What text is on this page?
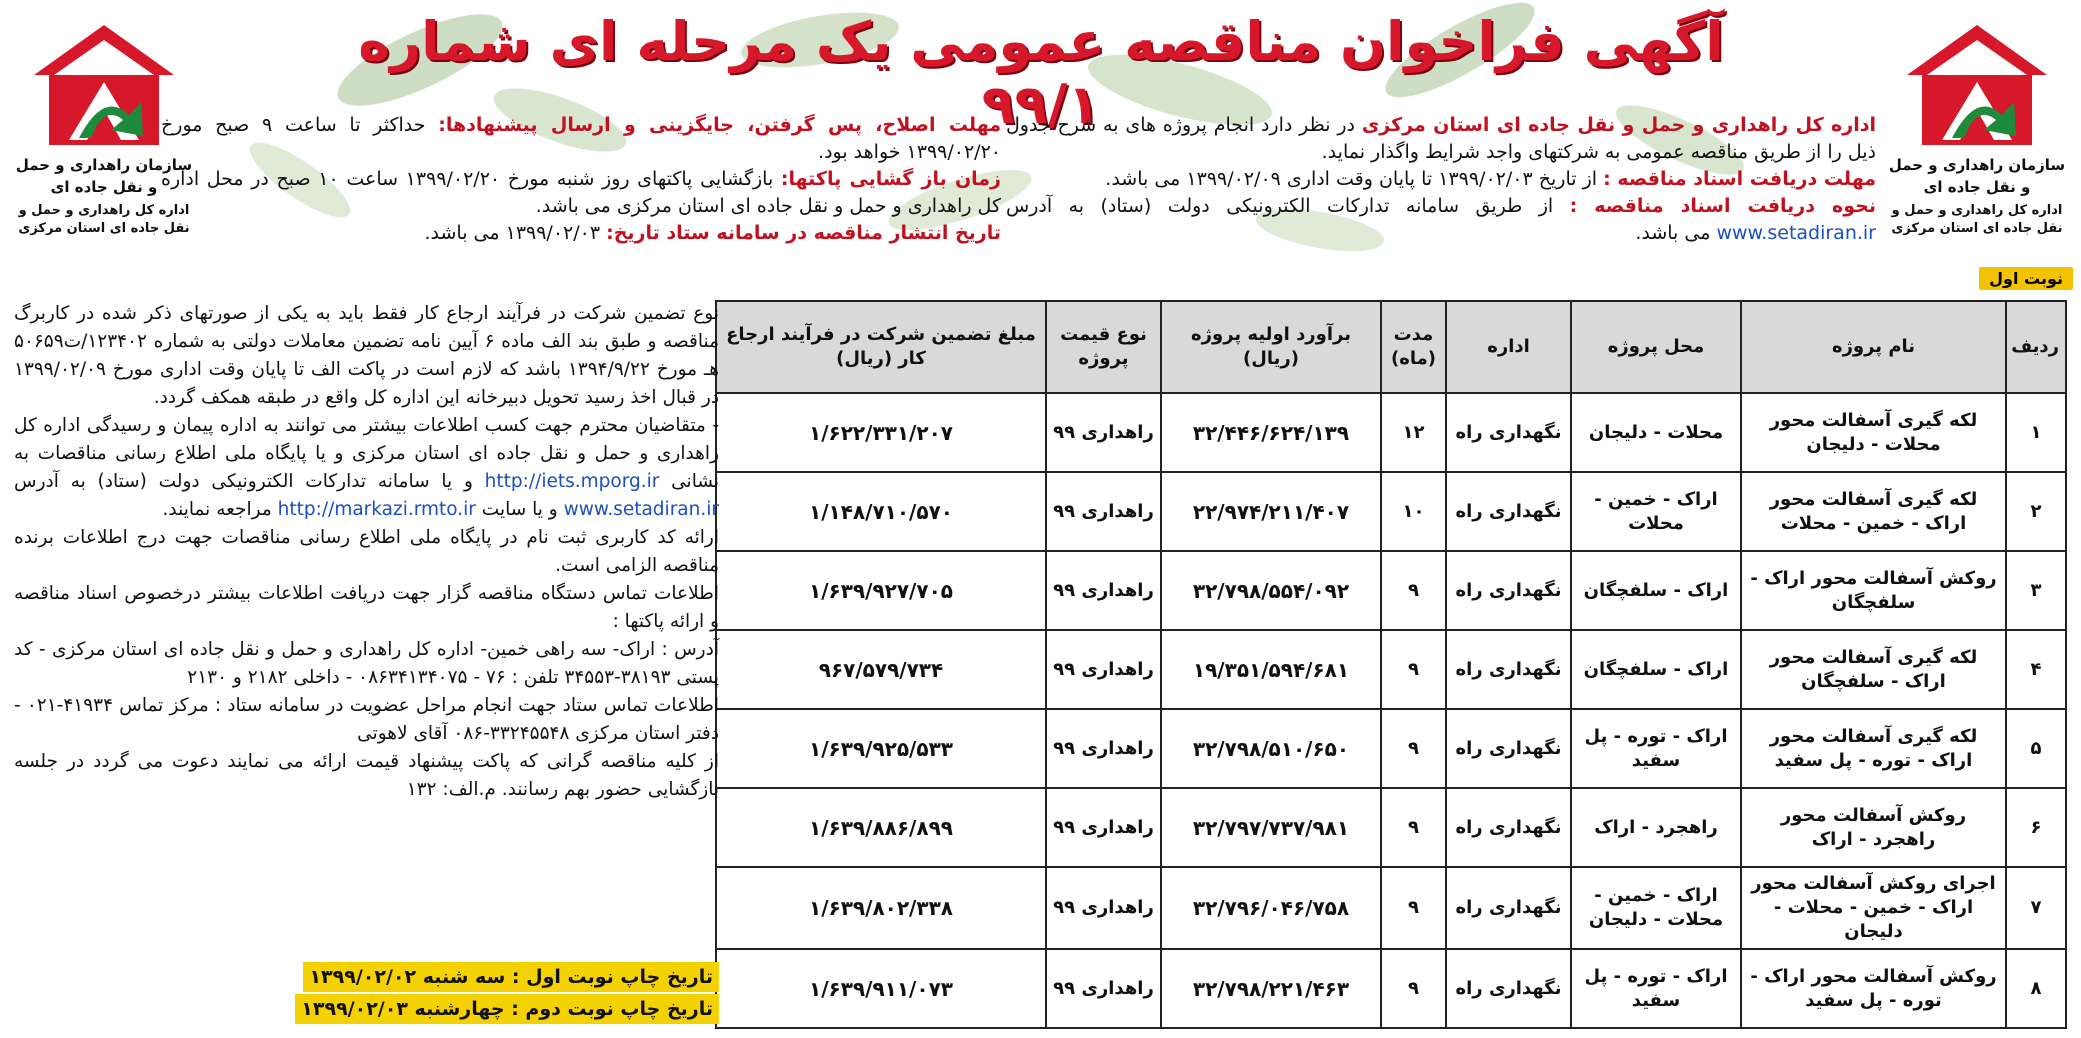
سازمان راهداری و حمل و نقل جاده ای
اداره کل راهداری و حمل و نقل جاده ای استان مرکزی
سازمان راهداری و حمل و نقل جاده ای
اداره کل راهداری و حمل و نقل جاده ای استان مرکزی
نوبت اول
آگهی فراخوان مناقصه عمومی یک مرحله ای شماره ۹۹/۱	اداره کل راهداری و حمل و نقل جاده ای استان مرکزی در نظر دارد انجام پروژه های به شرح جدول ذیل را از طریق مناقصه عمومی به شرکتهای واجد شرایط واگذار نماید.
مهلت دریافت اسناد مناقصه : از تاریخ ۱۳۹۹/۰۲/۰۳ تا پایان وقت اداری ۱۳۹۹/۰۲/۰۹ می باشد.
نحوه دریافت اسناد مناقصه : از طریق سامانه تدارکات الکترونیکی دولت (ستاد) به آدرس www.setadiran.ir می باشد.
مهلت اصلاح، پس گرفتن، جایگزینی و ارسال پیشنهادها: حداکثر تا ساعت ۹ صبح مورخ ۱۳۹۹/۰۲/۲۰ خواهد بود.
زمان باز گشایی پاکتها: بازگشایی پاکتهای روز شنبه مورخ ۱۳۹۹/۰۲/۲۰ ساعت ۱۰ صبح در محل اداره کل راهداری و حمل و نقل جاده ای استان مرکزی می باشد.
تاریخ انتشار مناقصه در سامانه ستاد تاریخ: ۱۳۹۹/۰۲/۰۳ می باشد.
ردیف	نام پروژه	محل پروژه	اداره	مدت (ماه)	برآورد اولیه پروژه (ریال)	نوع قیمت پروژه	مبلغ تضمین شرکت در فرآیند ارجاع کار (ریال)
۱	لکه گیری آسفالت محور محلات - دلیجان	محلات - دلیجان	نگهداری راه	۱۲	۳۲/۴۴۶/۶۲۴/۱۳۹	راهداری ۹۹	۱/۶۲۲/۳۳۱/۲۰۷
۲	لکه گیری آسفالت محور اراک - خمین - محلات	اراک - خمین - محلات	نگهداری راه	۱۰	۲۲/۹۷۴/۲۱۱/۴۰۷	راهداری ۹۹	۱/۱۴۸/۷۱۰/۵۷۰
۳	روکش آسفالت محور اراک - سلفچگان	اراک - سلفچگان	نگهداری راه	۹	۳۲/۷۹۸/۵۵۴/۰۹۲	راهداری ۹۹	۱/۶۳۹/۹۲۷/۷۰۵
۴	لکه گیری آسفالت محور اراک - سلفچگان	اراک - سلفچگان	نگهداری راه	۹	۱۹/۳۵۱/۵۹۴/۶۸۱	راهداری ۹۹	۹۶۷/۵۷۹/۷۳۴
۵	لکه گیری آسفالت محور اراک - توره - پل سفید	اراک - توره - پل سفید	نگهداری راه	۹	۳۲/۷۹۸/۵۱۰/۶۵۰	راهداری ۹۹	۱/۶۳۹/۹۲۵/۵۳۳
۶	روکش آسفالت محور راهجرد - اراک	راهجرد - اراک	نگهداری راه	۹	۳۲/۷۹۷/۷۳۷/۹۸۱	راهداری ۹۹	۱/۶۳۹/۸۸۶/۸۹۹
۷	اجرای روکش آسفالت محور اراک - خمین - محلات - دلیجان	اراک - خمین - محلات - دلیجان	نگهداری راه	۹	۳۲/۷۹۶/۰۴۶/۷۵۸	راهداری ۹۹	۱/۶۳۹/۸۰۲/۳۳۸
۸	روکش آسفالت محور اراک - توره - پل سفید	اراک - توره - پل سفید	نگهداری راه	۹	۳۲/۷۹۸/۲۲۱/۴۶۳	راهداری ۹۹	۱/۶۳۹/۹۱۱/۰۷۳

نوع تضمین شرکت در فرآیند ارجاع کار فقط باید به یکی از صورتهای ذکر شده در کاربرگ مناقصه و طبق بند الف ماده ۶ آیین نامه تضمین معاملات دولتی به شماره ۱۲۳۴۰۲/ت۵۰۶۵۹ هـ مورخ ۱۳۹۴/۹/۲۲ باشد که لازم است در پاکت الف تا پایان وقت اداری مورخ ۱۳۹۹/۰۲/۰۹ در قبال اخذ رسید تحویل دبیرخانه این اداره کل واقع در طبقه همکف گردد.

- متقاضیان محترم جهت کسب اطلاعات بیشتر می توانند به اداره پیمان و رسیدگی اداره کل راهداری و حمل و نقل جاده ای استان مرکزی و یا پایگاه ملی اطلاع رسانی مناقصات به نشانی http://iets.mporg.ir و یا سامانه تدارکات الکترونیکی دولت (ستاد) به آدرس www.setadiran.ir و یا سایت http://markazi.rmto.ir مراجعه نمایند.

ارائه کد کاربری ثبت نام در پایگاه ملی اطلاع رسانی مناقصات جهت درج اطلاعات برنده مناقصه الزامی است.

اطلاعات تماس دستگاه مناقصه گزار جهت دریافت اطلاعات بیشتر درخصوص اسناد مناقصه و ارائه پاکتها :

آدرس : اراک- سه راهی خمین- اداره کل راهداری و حمل و نقل جاده ای استان مرکزی - کد پستی ۳۸۱۹۳-۳۴۵۵۳ تلفن : ۷۶ - ۰۸۶۳۴۱۳۴۰۷۵ - داخلی ۲۱۸۲ و ۲۱۳۰

اطلاعات تماس ستاد جهت انجام مراحل عضویت در سامانه ستاد : مرکز تماس ۴۱۹۳۴-۰۲۱ - دفتر استان مرکزی ۳۳۲۴۵۵۴۸-۰۸۶ آقای لاهوتی

از کلیه مناقصه گرانی که پاکت پیشنهاد قیمت ارائه می نمایند دعوت می گردد در جلسه بازگشایی حضور بهم رسانند. م.الف: ۱۳۲

تاریخ چاپ نوبت اول : سه شنبه ۱۳۹۹/۰۲/۰۲
تاریخ چاپ نوبت دوم : چهارشنبه ۱۳۹۹/۰۲/۰۳
